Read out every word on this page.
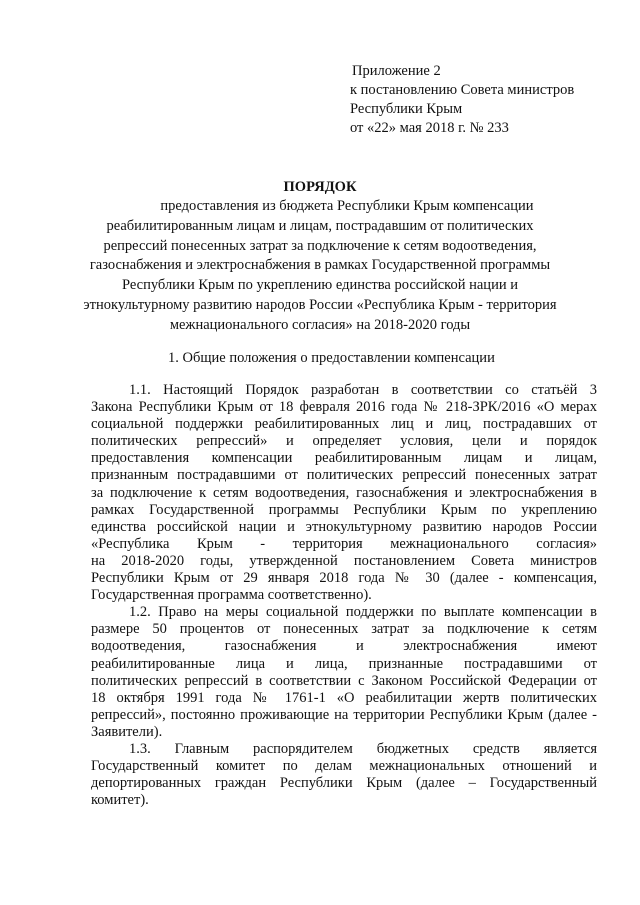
Приложение 2
к постановлению Совета министров
Республики Крым
от «22» мая 2018 г. № 233
ПОРЯДОК
предоставления из бюджета Республики Крым компенсации
реабилитированным лицам и лицам, пострадавшим от политических
репрессий понесенных затрат за подключение к сетям водоотведения,
газоснабжения и электроснабжения в рамках Государственной программы
Республики Крым по укреплению единства российской нации и
этнокультурному развитию народов России «Республика Крым - территория
межнационального согласия» на 2018-2020 годы
1. Общие положения о предоставлении компенсации
1.1. Настоящий Порядок разработан в соответствии со статьёй 3
Закона Республики Крым от 18 февраля 2016 года № 218-ЗРК/2016 «О мерах
социальной поддержки реабилитированных лиц и лиц, пострадавших от
политических репрессий» и определяет условия, цели и порядок
предоставления компенсации реабилитированным лицам и лицам,
признанным пострадавшими от политических репрессий понесенных затрат
за подключение к сетям водоотведения, газоснабжения и электроснабжения в
рамках Государственной программы Республики Крым по укреплению
единства российской нации и этнокультурному развитию народов России
«Республика Крым - территория межнационального согласия»
на 2018-2020 годы, утвержденной постановлением Совета министров
Республики Крым от 29 января 2018 года № 30 (далее - компенсация,
Государственная программа соответственно).
1.2. Право на меры социальной поддержки по выплате компенсации в
размере 50 процентов от понесенных затрат за подключение к сетям
водоотведения, газоснабжения и электроснабжения имеют
реабилитированные лица и лица, признанные пострадавшими от
политических репрессий в соответствии с Законом Российской Федерации от
18 октября 1991 года № 1761-1 «О реабилитации жертв политических
репрессий», постоянно проживающие на территории Республики Крым (далее -
Заявители).
1.3. Главным распорядителем бюджетных средств является
Государственный комитет по делам межнациональных отношений и
депортированных граждан Республики Крым (далее – Государственный
комитет).
